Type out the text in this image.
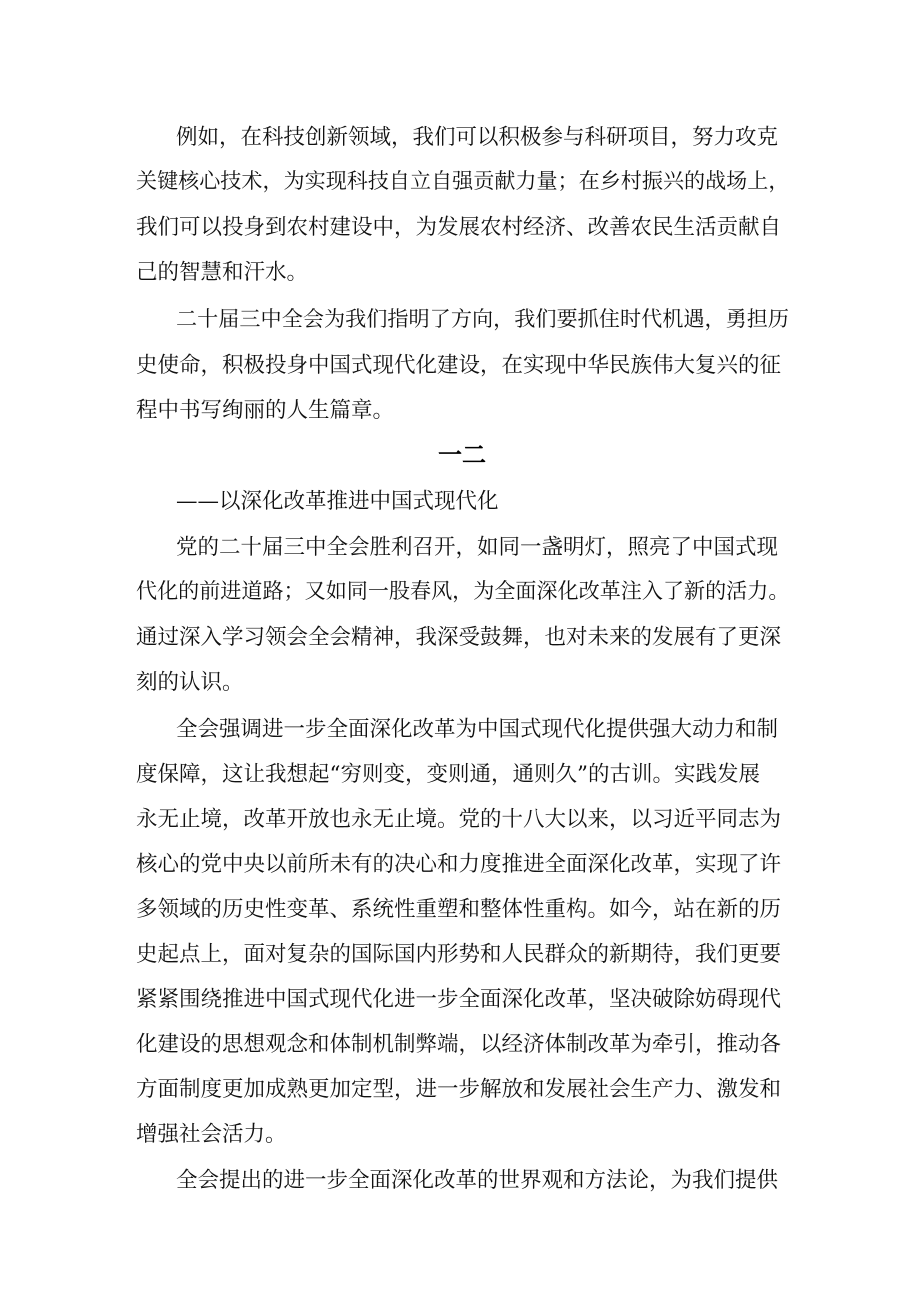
例如，在科技创新领域，我们可以积极参与科研项目，努力攻克
关键核心技术，为实现科技自立自强贡献力量；在乡村振兴的战场上，
我们可以投身到农村建设中，为发展农村经济、改善农民生活贡献自
己的智慧和汗水。
二十届三中全会为我们指明了方向，我们要抓住时代机遇，勇担历
史使命，积极投身中国式现代化建设，在实现中华民族伟大复兴的征
程中书写绚丽的人生篇章。
一二
——以深化改革推进中国式现代化
党的二十届三中全会胜利召开，如同一盏明灯，照亮了中国式现
代化的前进道路；又如同一股春风，为全面深化改革注入了新的活力。
通过深入学习领会全会精神，我深受鼓舞，也对未来的发展有了更深
刻的认识。
全会强调进一步全面深化改革为中国式现代化提供强大动力和制
度保障，这让我想起“穷则变，变则通，通则久”的古训。实践发展
永无止境，改革开放也永无止境。党的十八大以来，以习近平同志为
核心的党中央以前所未有的决心和力度推进全面深化改革，实现了许
多领域的历史性变革、系统性重塑和整体性重构。如今，站在新的历
史起点上，面对复杂的国际国内形势和人民群众的新期待，我们更要
紧紧围绕推进中国式现代化进一步全面深化改革，坚决破除妨碍现代
化建设的思想观念和体制机制弊端，以经济体制改革为牵引，推动各
方面制度更加成熟更加定型，进一步解放和发展社会生产力、激发和
增强社会活力。
全会提出的进一步全面深化改革的世界观和方法论，为我们提供
